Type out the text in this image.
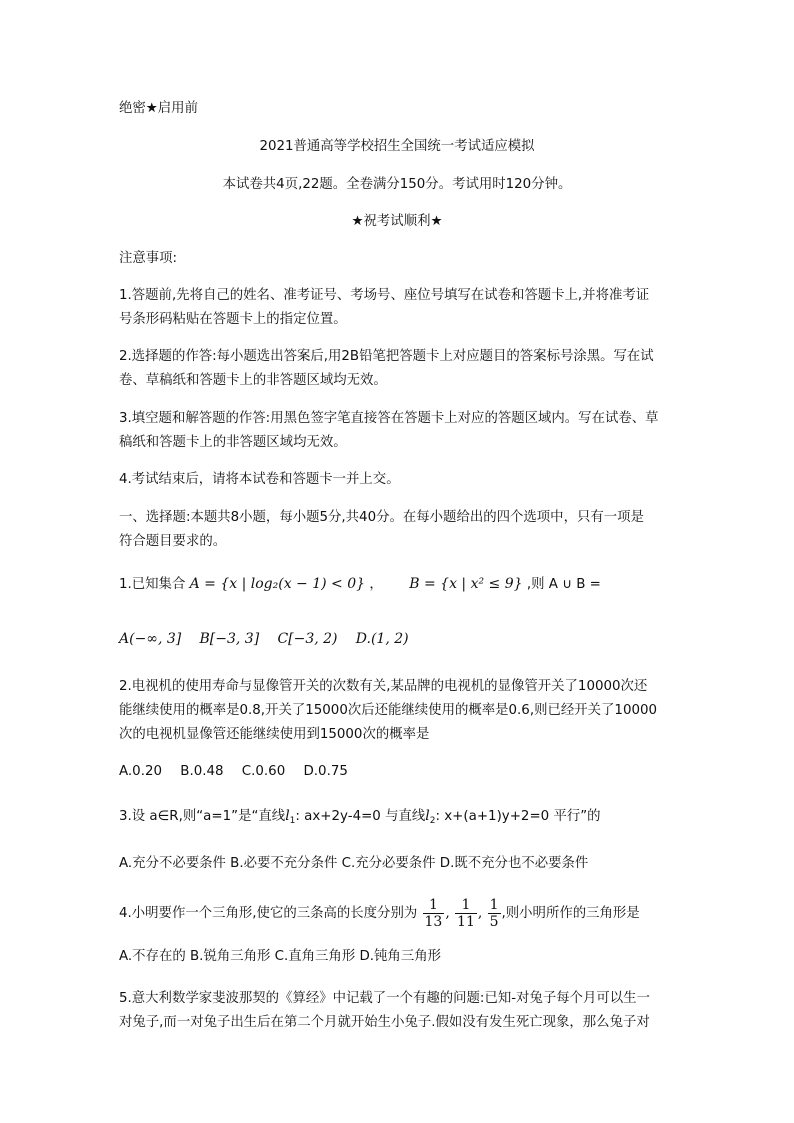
绝密★启用前
2021普通高等学校招生全国统一考试适应模拟
本试卷共4页,22题。全卷满分150分。考试用时120分钟。
★祝考试顺利★
注意事项:
1.答题前,先将自己的姓名、准考证号、考场号、座位号填写在试卷和答题卡上,并将准考证
号条形码粘贴在答题卡上的指定位置。
2.选择题的作答:每小题选出答案后,用2B铅笔把答题卡上对应题目的答案标号涂黑。写在试
卷、草稿纸和答题卡上的非答题区域均无效。
3.填空题和解答题的作答:用黑色签字笔直接答在答题卡上对应的答题区域内。写在试卷、草
稿纸和答题卡上的非答题区域均无效。
4.考试结束后，请将本试卷和答题卡一并上交。
一、选择题:本题共8小题，每小题5分,共40分。在每小题给出的四个选项中，只有一项是
符合题目要求的。
1.已知集合 A = {x | log₂(x − 1) < 0} ， B = {x | x² ≤ 9} ,则 A ∪ B =
A(−∞, 3] B[−3, 3] C[−3, 2) D.(1, 2)
2.电视机的使用寿命与显像管开关的次数有关,某品牌的电视机的显像管开关了10000次还
能继续使用的概率是0.8,开关了15000次后还能继续使用的概率是0.6,则已经开关了10000
次的电视机显像管还能继续使用到15000次的概率是
A.0.20 B.0.48 C.0.60 D.0.75
3.设 a∈R,则“a=1”是“直线$l_1$: ax+2y-4=0 与直线$l_2$: x+(a+1)y+2=0 平行”的
A.充分不必要条件 B.必要不充分条件 C.充分必要条件 D.既不充分也不必要条件
4.小明要作一个三角形,使它的三条高的长度分别为 $\frac{1}{13}$ , $\frac{1}{11}$ , $\frac{1}{5}$ ,则小明所作的三角形是
A.不存在的 B.锐角三角形 C.直角三角形 D.钝角三角形
5.意大利数学家斐波那契的《算经》中记载了一个有趣的问题:已知-对兔子每个月可以生一
对兔子,而一对兔子出生后在第二个月就开始生小兔子.假如没有发生死亡现象，那么兔子对
